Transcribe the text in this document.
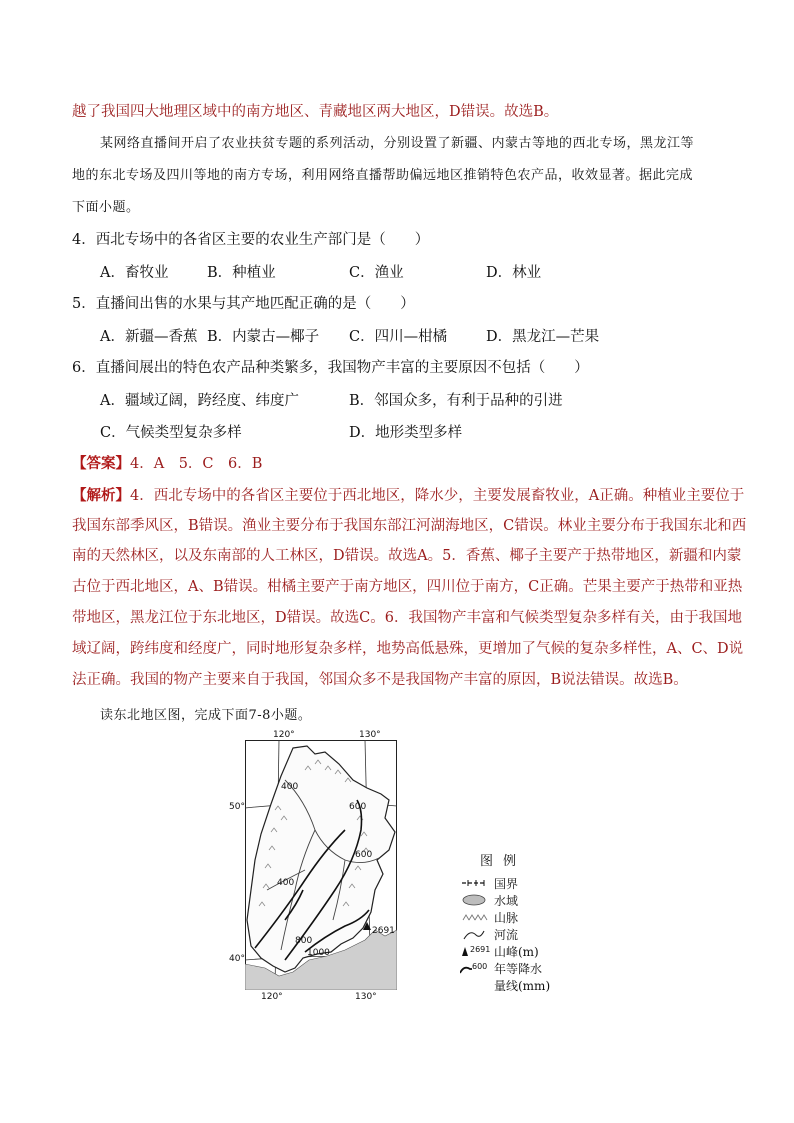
越了我国四大地理区域中的南方地区、青藏地区两大地区，D错误。故选B。
某网络直播间开启了农业扶贫专题的系列活动，分别设置了新疆、内蒙古等地的西北专场，黑龙江等
地的东北专场及四川等地的南方专场，利用网络直播帮助偏远地区推销特色农产品，收效显著。据此完成
下面小题。
4．西北专场中的各省区主要的农业生产部门是（　　）
A．畜牧业	B．种植业	C．渔业	D．林业
5．直播间出售的水果与其产地匹配正确的是（　　）
A．新疆—香蕉 B．内蒙古—椰子 C．四川—柑橘	D．黑龙江—芒果
6．直播间展出的特色农产品种类繁多，我国物产丰富的主要原因不包括（　　）
A．疆域辽阔，跨经度、纬度广	B．邻国众多，有利于品种的引进
C．气候类型复杂多样	D．地形类型多样
【答案】4．A　5．C　6．B
【解析】4．西北专场中的各省区主要位于西北地区，降水少，主要发展畜牧业，A正确。种植业主要位于
我国东部季风区，B错误。渔业主要分布于我国东部江河湖海地区，C错误。林业主要分布于我国东北和西
南的天然林区，以及东南部的人工林区，D错误。故选A。5．香蕉、椰子主要产于热带地区，新疆和内蒙
古位于西北地区，A、B错误。柑橘主要产于南方地区，四川位于南方，C正确。芒果主要产于热带和亚热
带地区，黑龙江位于东北地区，D错误。故选C。6．我国物产丰富和气候类型复杂多样有关，由于我国地
域辽阔，跨纬度和经度广，同时地形复杂多样，地势高低悬殊，更增加了气候的复杂多样性，A、C、D说
法正确。我国的物产主要来自于我国，邻国众多不是我国物产丰富的原因，B说法错误。故选B。
读东北地区图，完成下面7-8小题。
120°	130°
120°	130°
50°
40°
400
400
600
600
800
1000
2691
图例
国界
水域
山脉
河流
2691 山峰(m)
600 年等降水
量线(mm)
